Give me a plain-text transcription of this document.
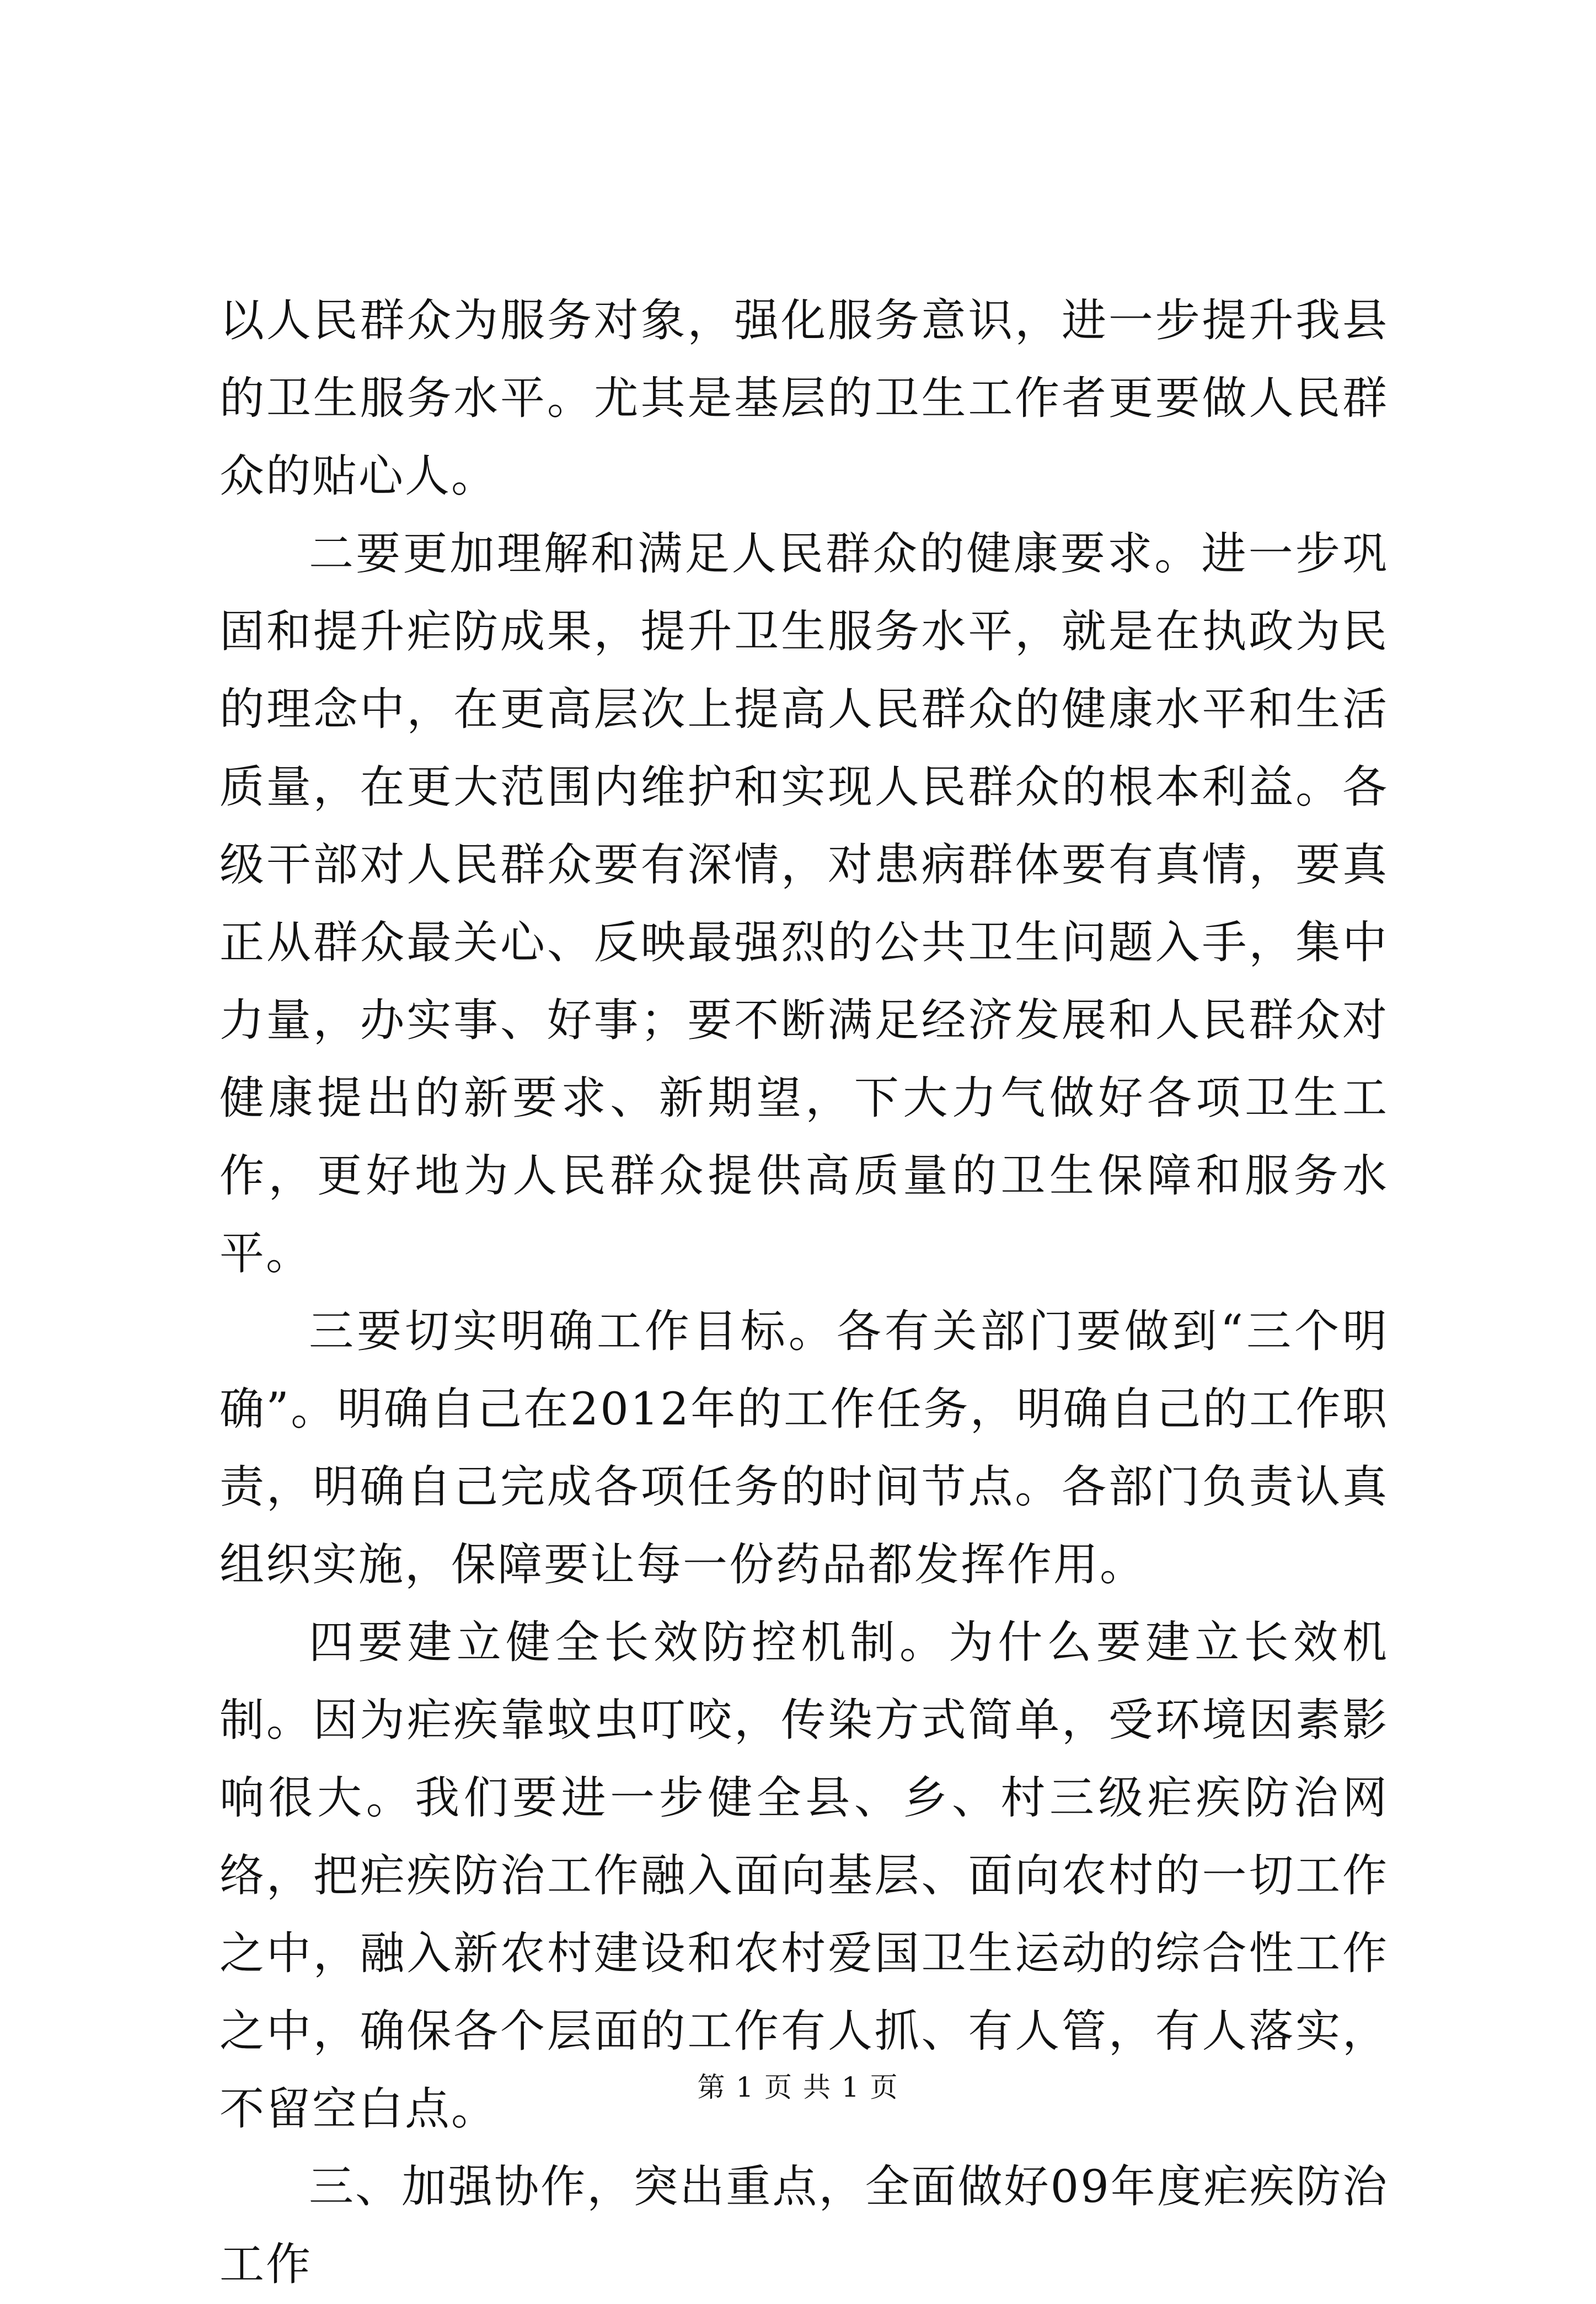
以人民群众为服务对象，强化服务意识，进一步提升我县的卫生服务水平。尤其是基层的卫生工作者更要做人民群众的贴心人。

二要更加理解和满足人民群众的健康要求。进一步巩固和提升疟防成果，提升卫生服务水平，就是在执政为民的理念中，在更高层次上提高人民群众的健康水平和生活质量，在更大范围内维护和实现人民群众的根本利益。各级干部对人民群众要有深情，对患病群体要有真情，要真正从群众最关心、反映最强烈的公共卫生问题入手，集中力量，办实事、好事；要不断满足经济发展和人民群众对健康提出的新要求、新期望，下大力气做好各项卫生工作，更好地为人民群众提供高质量的卫生保障和服务水平。

三要切实明确工作目标。各有关部门要做到“三个明确”。明确自己在2012年的工作任务，明确自己的工作职责，明确自己完成各项任务的时间节点。各部门负责认真组织实施，保障要让每一份药品都发挥作用。

四要建立健全长效防控机制。为什么要建立长效机制。因为疟疾靠蚊虫叮咬，传染方式简单，受环境因素影响很大。我们要进一步健全县、乡、村三级疟疾防治网络，把疟疾防治工作融入面向基层、面向农村的一切工作之中，融入新农村建设和农村爱国卫生运动的综合性工作之中，确保各个层面的工作有人抓、有人管，有人落实，不留空白点。

三、加强协作，突出重点，全面做好09年度疟疾防治工作

第 1 页 共 1 页
